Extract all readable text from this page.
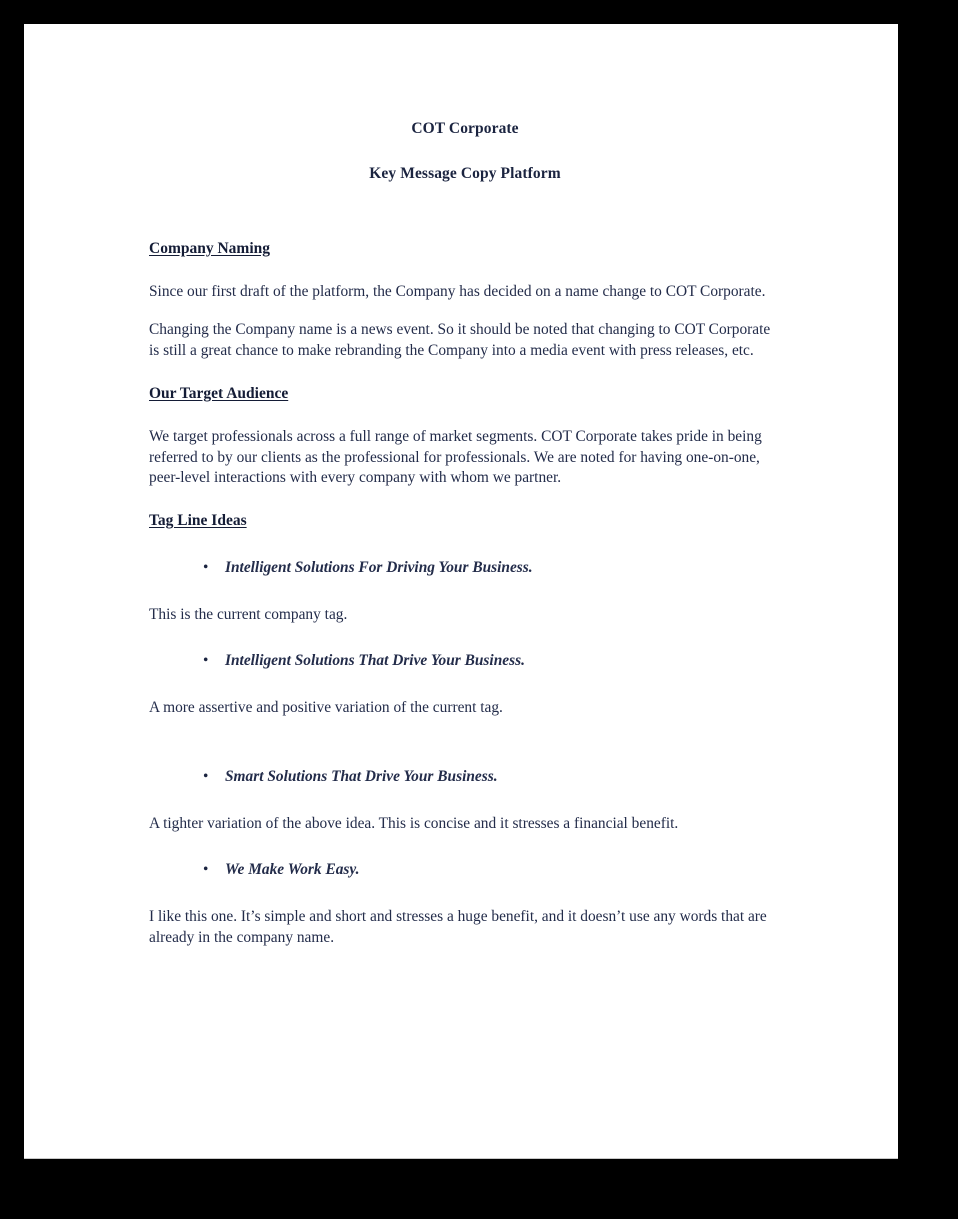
COT Corporate
Key Message Copy Platform
Company Naming

Since our first draft of the platform, the Company has decided on a name change to COT Corporate.

Changing the Company name is a news event. So it should be noted that changing to COT Corporate is still a great chance to make rebranding the Company into a media event with press releases, etc.

Our Target Audience

We target professionals across a full range of market segments. COT Corporate takes pride in being referred to by our clients as the professional for professionals. We are noted for having one-on-one, peer-level interactions with every company with whom we partner.

Tag Line Ideas
• Intelligent Solutions For Driving Your Business.

This is the current company tag.

• Intelligent Solutions That Drive Your Business.

A more assertive and positive variation of the current tag.

• Smart Solutions That Drive Your Business.

A tighter variation of the above idea. This is concise and it stresses a financial benefit.

• We Make Work Easy.

I like this one. It’s simple and short and stresses a huge benefit, and it doesn’t use any words that are already in the company name.
